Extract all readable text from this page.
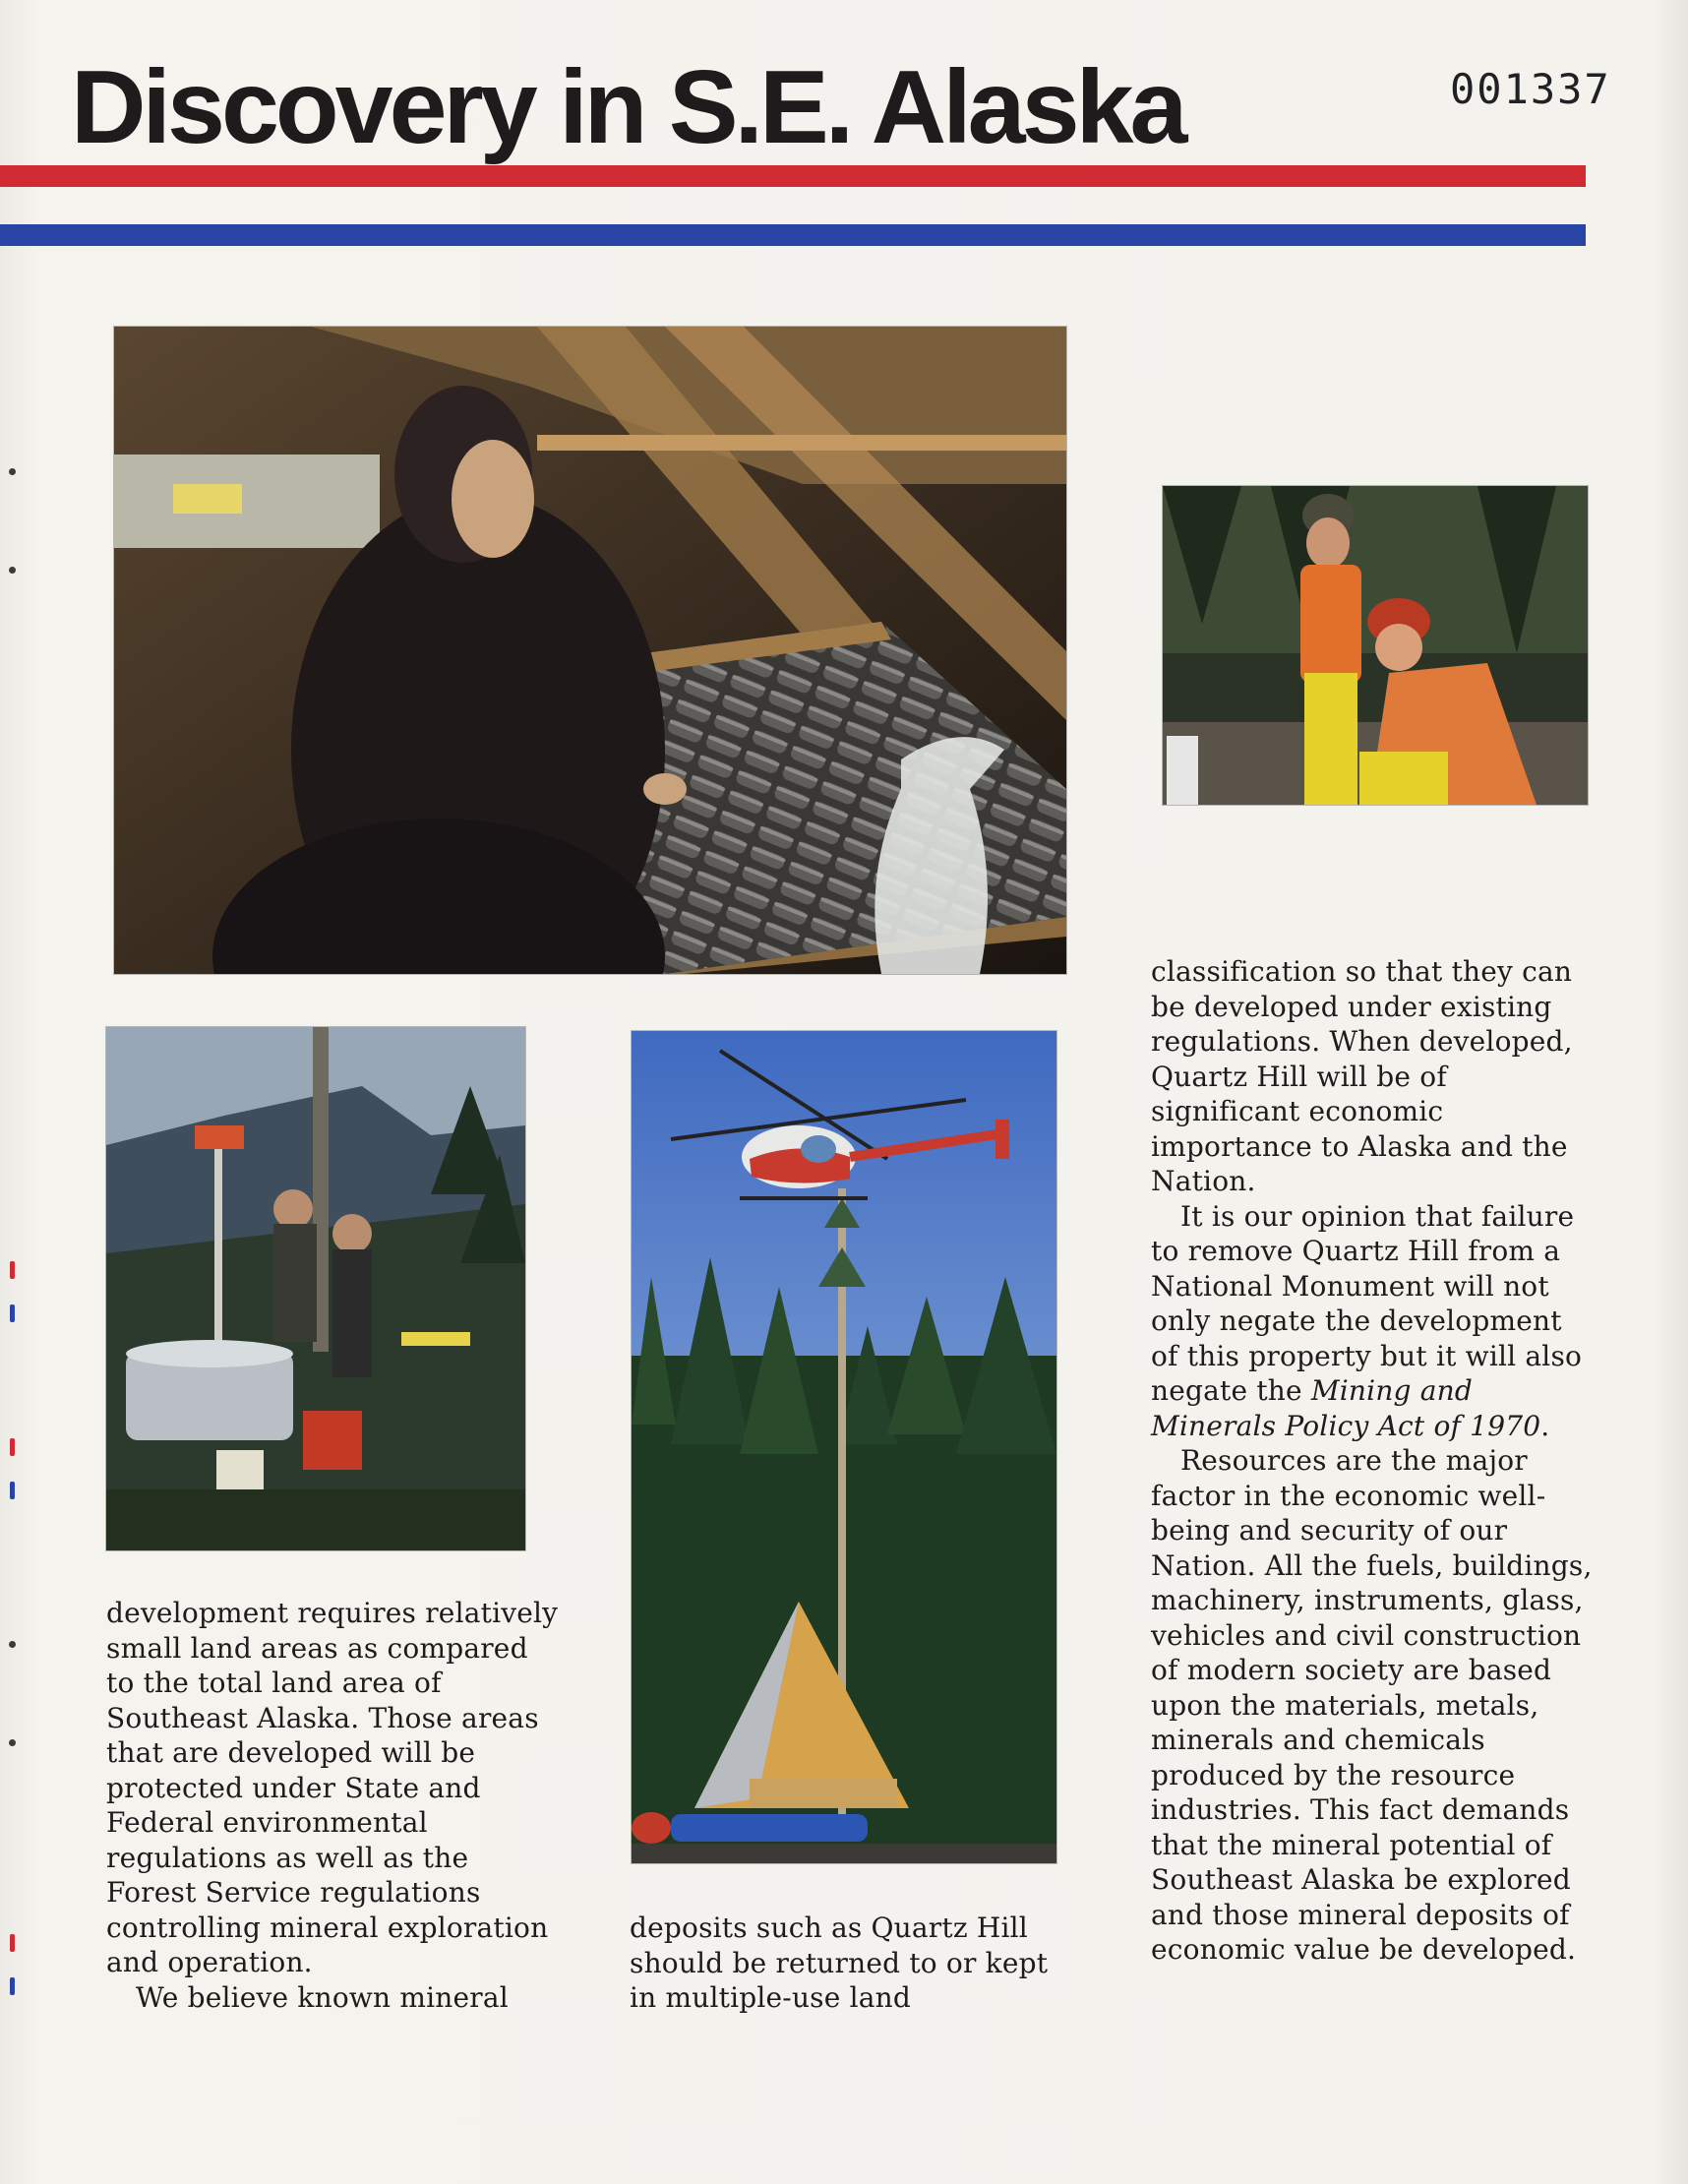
Discovery in S.E. Alaska	001337

development requires relatively small land areas as compared to the total land area of Southeast Alaska. Those areas that are developed will be protected under State and Federal environmental regulations as well as the Forest Service regulations controlling mineral exploration and operation.

We believe known mineral

deposits such as Quartz Hill should be returned to or kept in multiple-use land

classification so that they can be developed under existing regulations. When developed, Quartz Hill will be of significant economic importance to Alaska and the Nation.

It is our opinion that failure to remove Quartz Hill from a National Monument will not only negate the development of this property but it will also negate the Mining and Minerals Policy Act of 1970.

Resources are the major factor in the economic well-being and security of our Nation. All the fuels, buildings, machinery, instruments, glass, vehicles and civil construction of modern society are based upon the materials, metals, minerals and chemicals produced by the resource industries. This fact demands that the mineral potential of Southeast Alaska be explored and those mineral deposits of economic value be developed.
